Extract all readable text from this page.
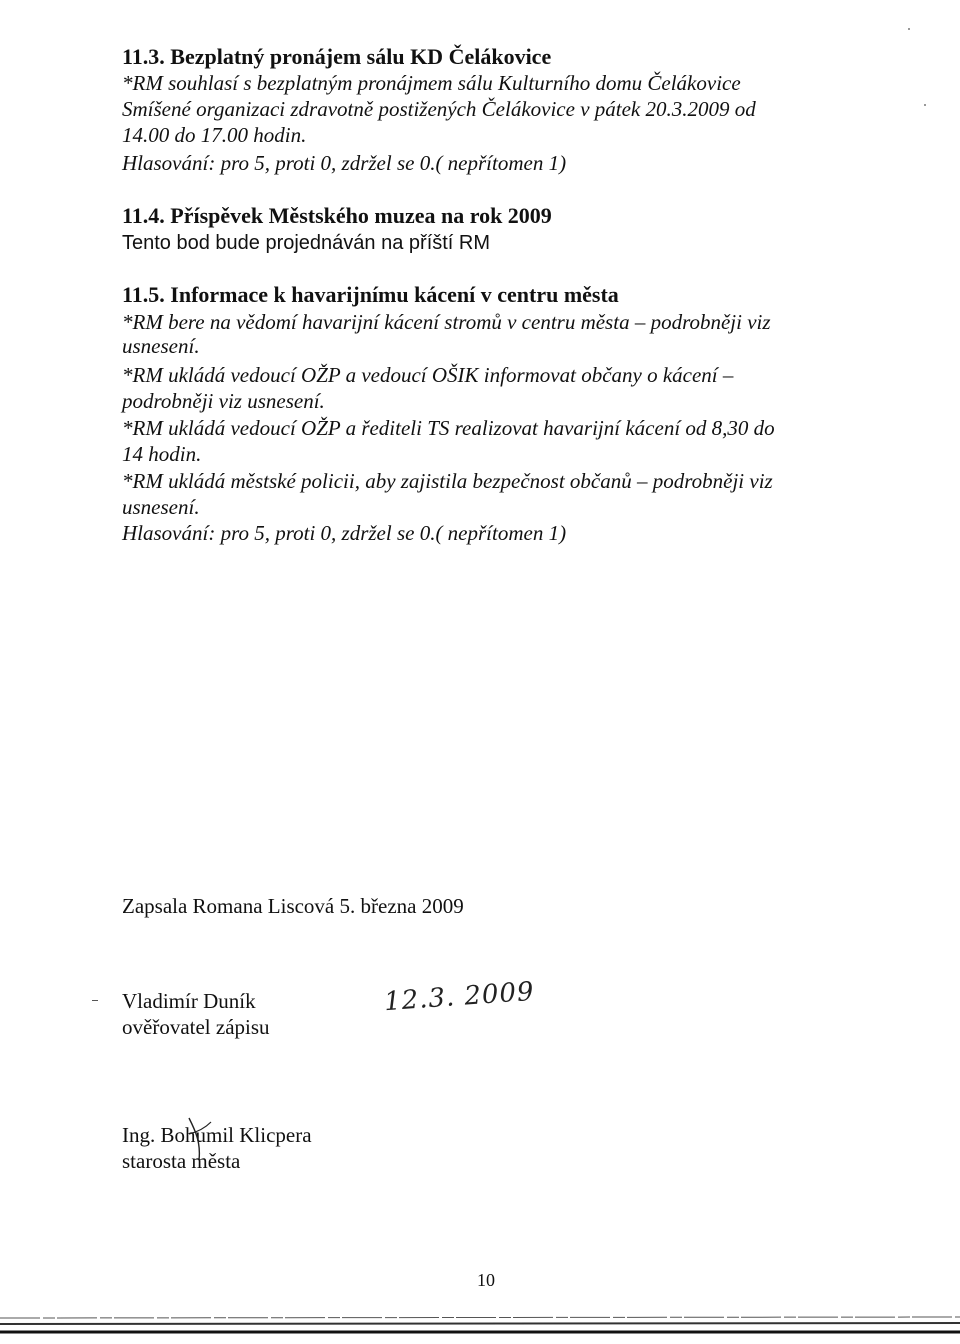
11.3. Bezplatný pronájem sálu KD Čelákovice
*RM souhlasí s bezplatným pronájmem sálu Kulturního domu Čelákovice
Smíšené organizaci zdravotně postižených Čelákovice v pátek 20.3.2009 od
14.00 do 17.00 hodin.
Hlasování: pro 5, proti 0, zdržel se 0.( nepřítomen 1)
11.4. Příspěvek Městského muzea na rok 2009
Tento bod bude projednáván na příští RM
11.5. Informace k havarijnímu kácení v centru města
*RM bere na vědomí havarijní kácení stromů v centru města – podrobněji viz
usnesení.
*RM ukládá vedoucí OŽP a vedoucí OŠIK informovat občany o kácení –
podrobněji viz usnesení.
*RM ukládá vedoucí OŽP a řediteli TS realizovat havarijní kácení od 8,30 do
14 hodin.
*RM ukládá městské policii, aby zajistila bezpečnost občanů – podrobněji viz
usnesení.
Hlasování: pro 5, proti 0, zdržel se 0.( nepřítomen 1)
Zapsala Romana Liscová 5. března 2009
Vladimír Duník
ověřovatel zápisu
12.3. 2009
Ing. Bohumil Klicpera
starosta města
10
